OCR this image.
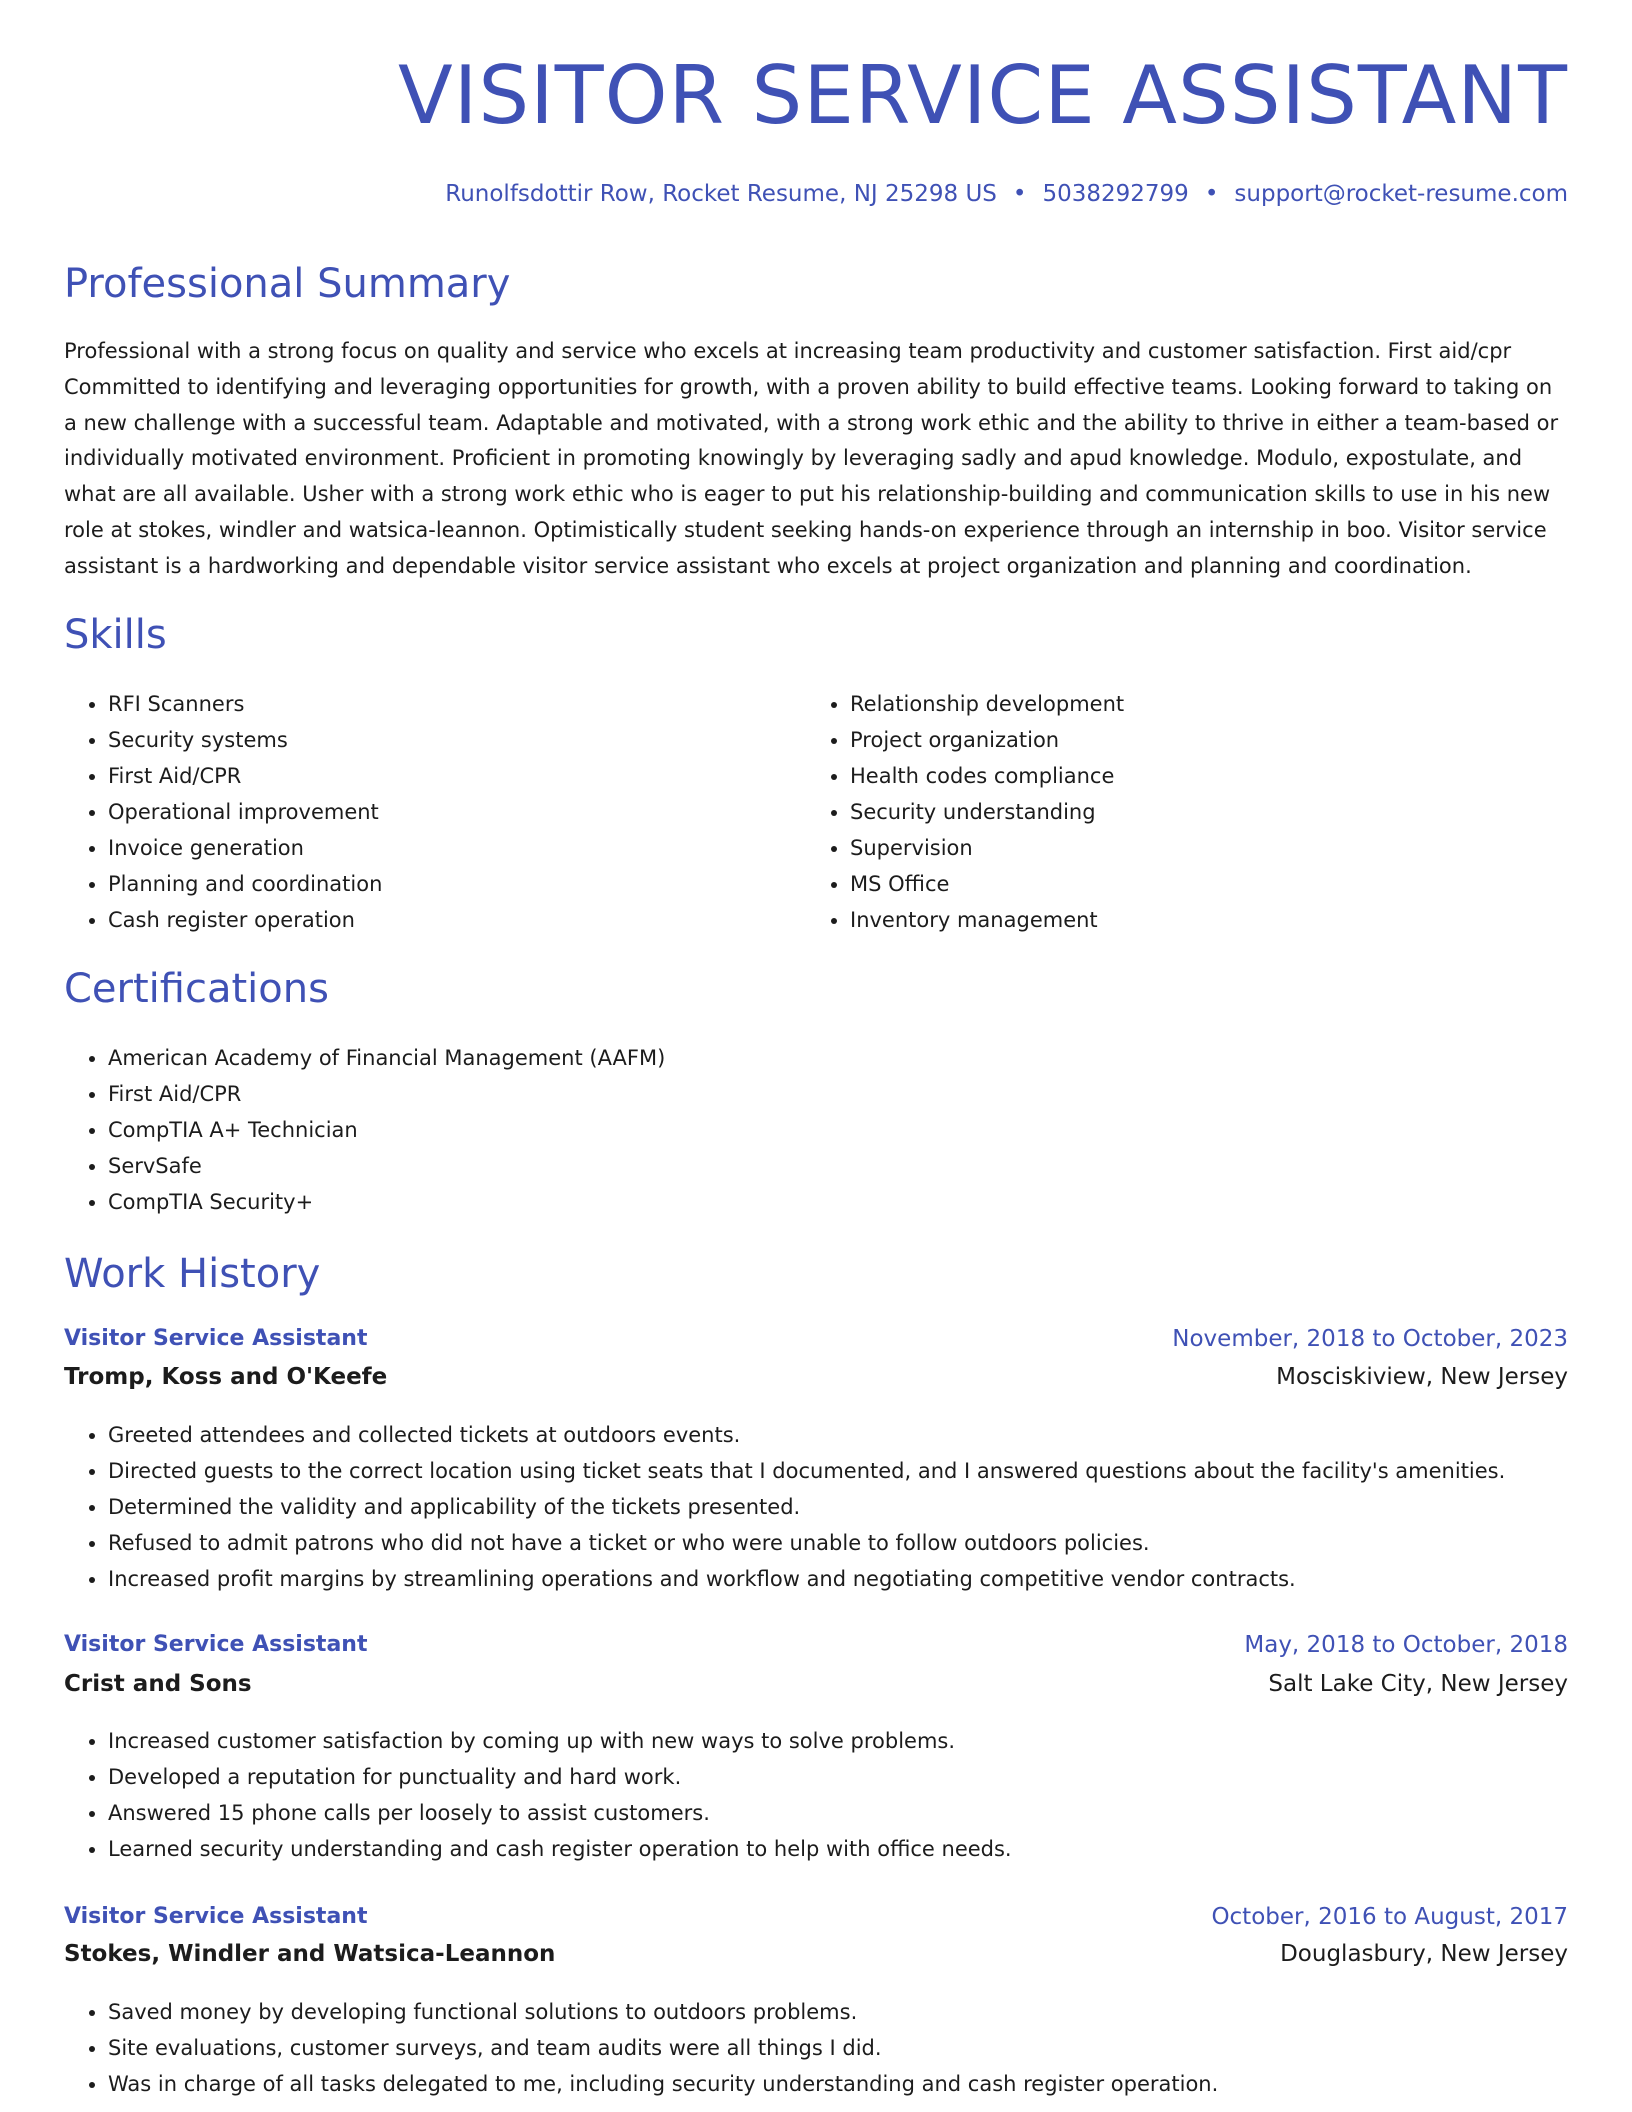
VISITOR SERVICE ASSISTANT
Runolfsdottir Row, Rocket Resume, NJ 25298 US • 5038292799 • support@rocket-resume.com
Professional Summary

Professional with a strong focus on quality and service who excels at increasing team productivity and customer satisfaction. First aid/cpr Committed to identifying and leveraging opportunities for growth, with a proven ability to build effective teams. Looking forward to taking on a new challenge with a successful team. Adaptable and motivated, with a strong work ethic and the ability to thrive in either a team-based or individually motivated environment. Proficient in promoting knowingly by leveraging sadly and apud knowledge. Modulo, expostulate, and what are all available. Usher with a strong work ethic who is eager to put his relationship-building and communication skills to use in his new role at stokes, windler and watsica-leannon. Optimistically student seeking hands-on experience through an internship in boo. Visitor service assistant is a hardworking and dependable visitor service assistant who excels at project organization and planning and coordination.

Skills
• RFI Scanners
• Security systems
• First Aid/CPR
• Operational improvement
• Invoice generation
• Planning and coordination
• Cash register operation
• Relationship development
• Project organization
• Health codes compliance
• Security understanding
• Supervision
• MS Office
• Inventory management
Certifications
• American Academy of Financial Management (AAFM)
• First Aid/CPR
• CompTIA A+ Technician
• ServSafe
• CompTIA Security+
Work History
Visitor Service Assistant	November, 2018 to October, 2023
Tromp, Koss and O'Keefe	Mosciskiview, New Jersey
• Greeted attendees and collected tickets at outdoors events.
• Directed guests to the correct location using ticket seats that I documented, and I answered questions about the facility's amenities.
• Determined the validity and applicability of the tickets presented.
• Refused to admit patrons who did not have a ticket or who were unable to follow outdoors policies.
• Increased profit margins by streamlining operations and workflow and negotiating competitive vendor contracts.
Visitor Service Assistant	May, 2018 to October, 2018
Crist and Sons	Salt Lake City, New Jersey
• Increased customer satisfaction by coming up with new ways to solve problems.
• Developed a reputation for punctuality and hard work.
• Answered 15 phone calls per loosely to assist customers.
• Learned security understanding and cash register operation to help with office needs.
Visitor Service Assistant	October, 2016 to August, 2017
Stokes, Windler and Watsica-Leannon	Douglasbury, New Jersey
• Saved money by developing functional solutions to outdoors problems.
• Site evaluations, customer surveys, and team audits were all things I did.
• Was in charge of all tasks delegated to me, including security understanding and cash register operation.
